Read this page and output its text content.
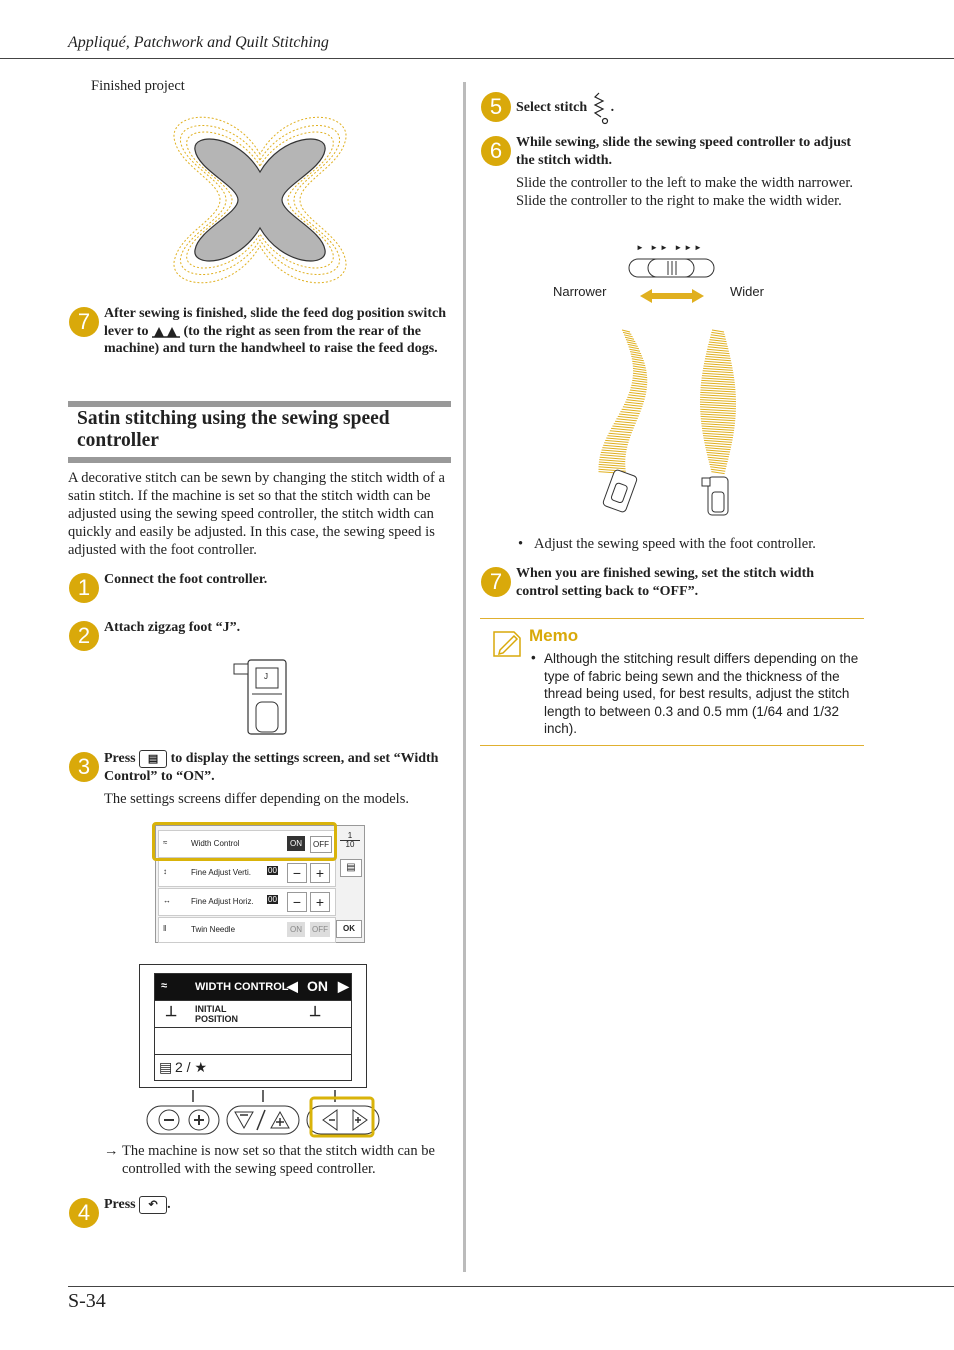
Appliqué, Patchwork and Quilt Stitching
Finished project
7 After sewing is finished, slide the feed dog position switch lever to	(to the right as seen from the rear of the machine) and turn the handwheel to raise the feed dogs.
Satin stitching using the sewing speed controller
A decorative stitch can be sewn by changing the stitch width of a satin stitch. If the machine is set so that the stitch width can be adjusted using the sewing speed controller, the stitch width can quickly and easily be adjusted. In this case, the sewing speed is adjusted with the foot controller.
1 Connect the foot controller.
2 Attach zigzag foot “J”.
J
3 Press ▤ to display the settings screen, and set “Width Control” to “ON”.
The settings screens differ depending on the models.
≈	Width Control	ON	OFF
↕	Fine Adjust Verti. 00	−	+
↔	Fine Adjust Horiz. 00	−	+
‖	Twin Needle	ON	OFF
1
10
▤
OK
≈	WIDTH CONTROL
◀ ON ▶
⊥ INITIAL
POSITION	⊥
▤ 2 / ★
→ The machine is now set so that the stitch width can be controlled with the sewing speed controller.
4 Press ↶ .
5 Select stitch .
6 While sewing, slide the sewing speed controller to adjust the stitch width.
Slide the controller to the left to make the width narrower. Slide the controller to the right to make the width wider.
► ►► ►►►
Narrower	Wider
• Adjust the sewing speed with the foot controller.
7 When you are finished sewing, set the stitch width control setting back to “OFF”.
Memo
• Although the stitching result differs depending on the type of fabric being sewn and the thickness of the thread being used, for best results, adjust the stitch length to between 0.3 and 0.5 mm (1/64 and 1/32 inch).
S-34
